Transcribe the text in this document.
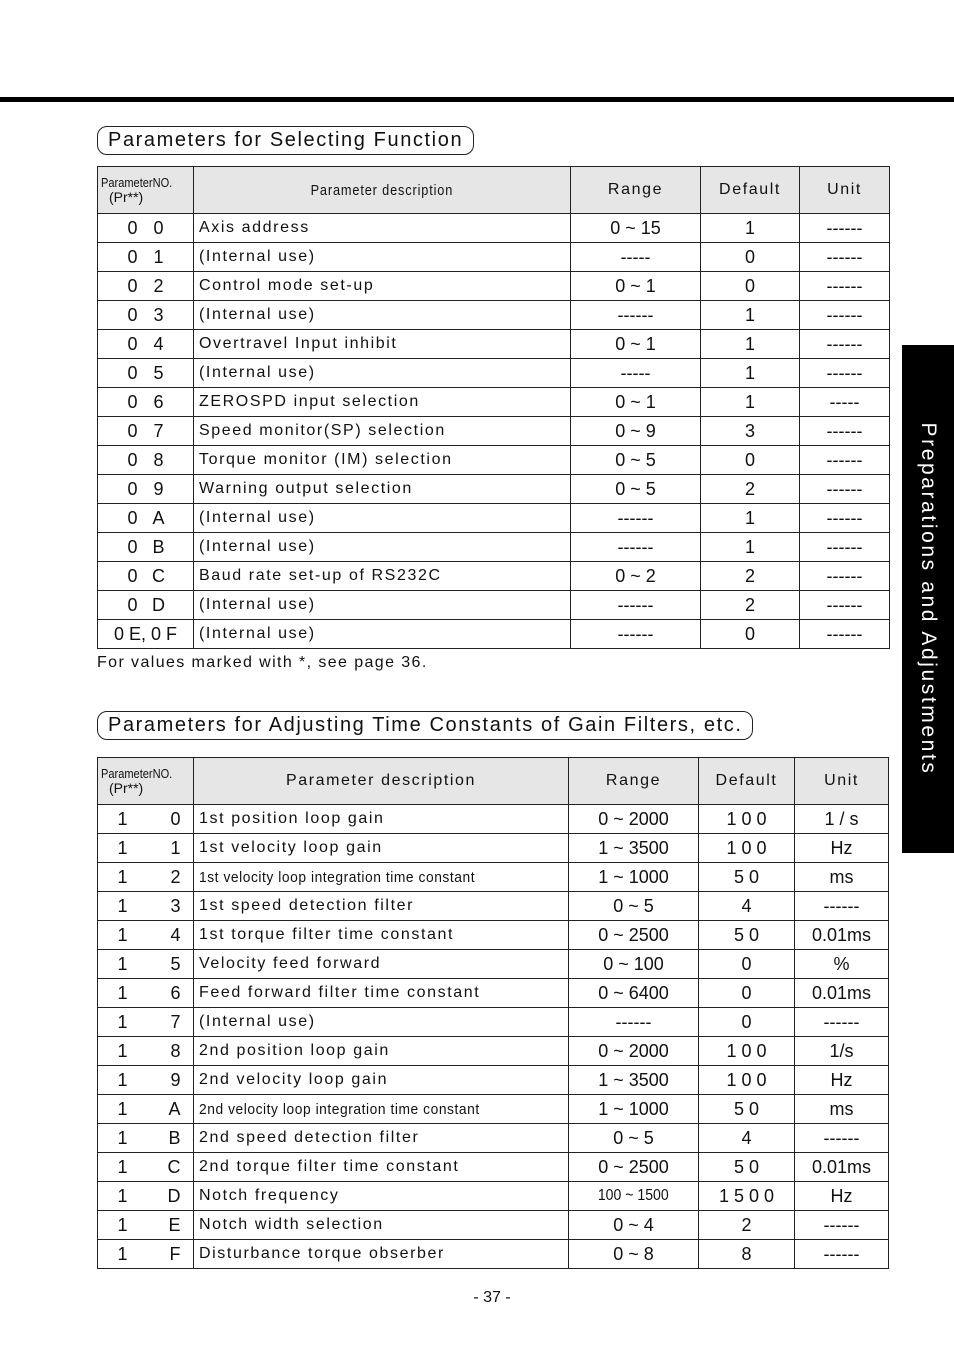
Parameters for Selecting Function
ParameterNO.
(Pr**)	Parameter description	Range	Default	Unit
0 0	Axis address	0 ~ 15	1	------
0 1	(Internal use)	-----	0	------
0 2	Control mode set-up	0 ~ 1	0	------
0 3	(Internal use)	------	1	------
0 4	Overtravel Input inhibit	0 ~ 1	1	------
0 5	(Internal use)	-----	1	------
0 6	ZEROSPD input selection	0 ~ 1	1	-----
0 7	Speed monitor(SP) selection	0 ~ 9	3	------
0 8	Torque monitor (IM) selection	0 ~ 5	0	------
0 9	Warning output selection	0 ~ 5	2	------
0 A	(Internal use)	------	1	------
0 B	(Internal use)	------	1	------
0 C	Baud rate set-up of RS232C	0 ~ 2	2	------
0 D	(Internal use)	------	2	------
0 E, 0 F	(Internal use)	------	0	------
For values marked with *, see page 36.
Parameters for Adjusting Time Constants of Gain Filters, etc.
ParameterNO.
(Pr**)	Parameter description	Range	Default	Unit
1 0	1st position loop gain	0 ~ 2000	1 0 0	1 / s
1 1	1st velocity loop gain	1 ~ 3500	1 0 0	Hz
1 2	1st velocity loop integration time constant	1 ~ 1000	5 0	ms
1 3	1st speed detection filter	0 ~ 5	4	------
1 4	1st torque filter time constant	0 ~ 2500	5 0	0.01ms
1 5	Velocity feed forward	0 ~ 100	0	%
1 6	Feed forward filter time constant	0 ~ 6400	0	0.01ms
1 7	(Internal use)	------	0	------
1 8	2nd position loop gain	0 ~ 2000	1 0 0	1/s
1 9	2nd velocity loop gain	1 ~ 3500	1 0 0	Hz
1 A	2nd velocity loop integration time constant	1 ~ 1000	5 0	ms
1 B	2nd speed detection filter	0 ~ 5	4	------
1 C	2nd torque filter time constant	0 ~ 2500	5 0	0.01ms
1 D	Notch frequency	100 ~ 1500	1 5 0 0	Hz
1 E	Notch width selection	0 ~ 4	2	------
1 F	Disturbance torque obserber	0 ~ 8	8	------
Preparations and Adjustments
- 37 -
